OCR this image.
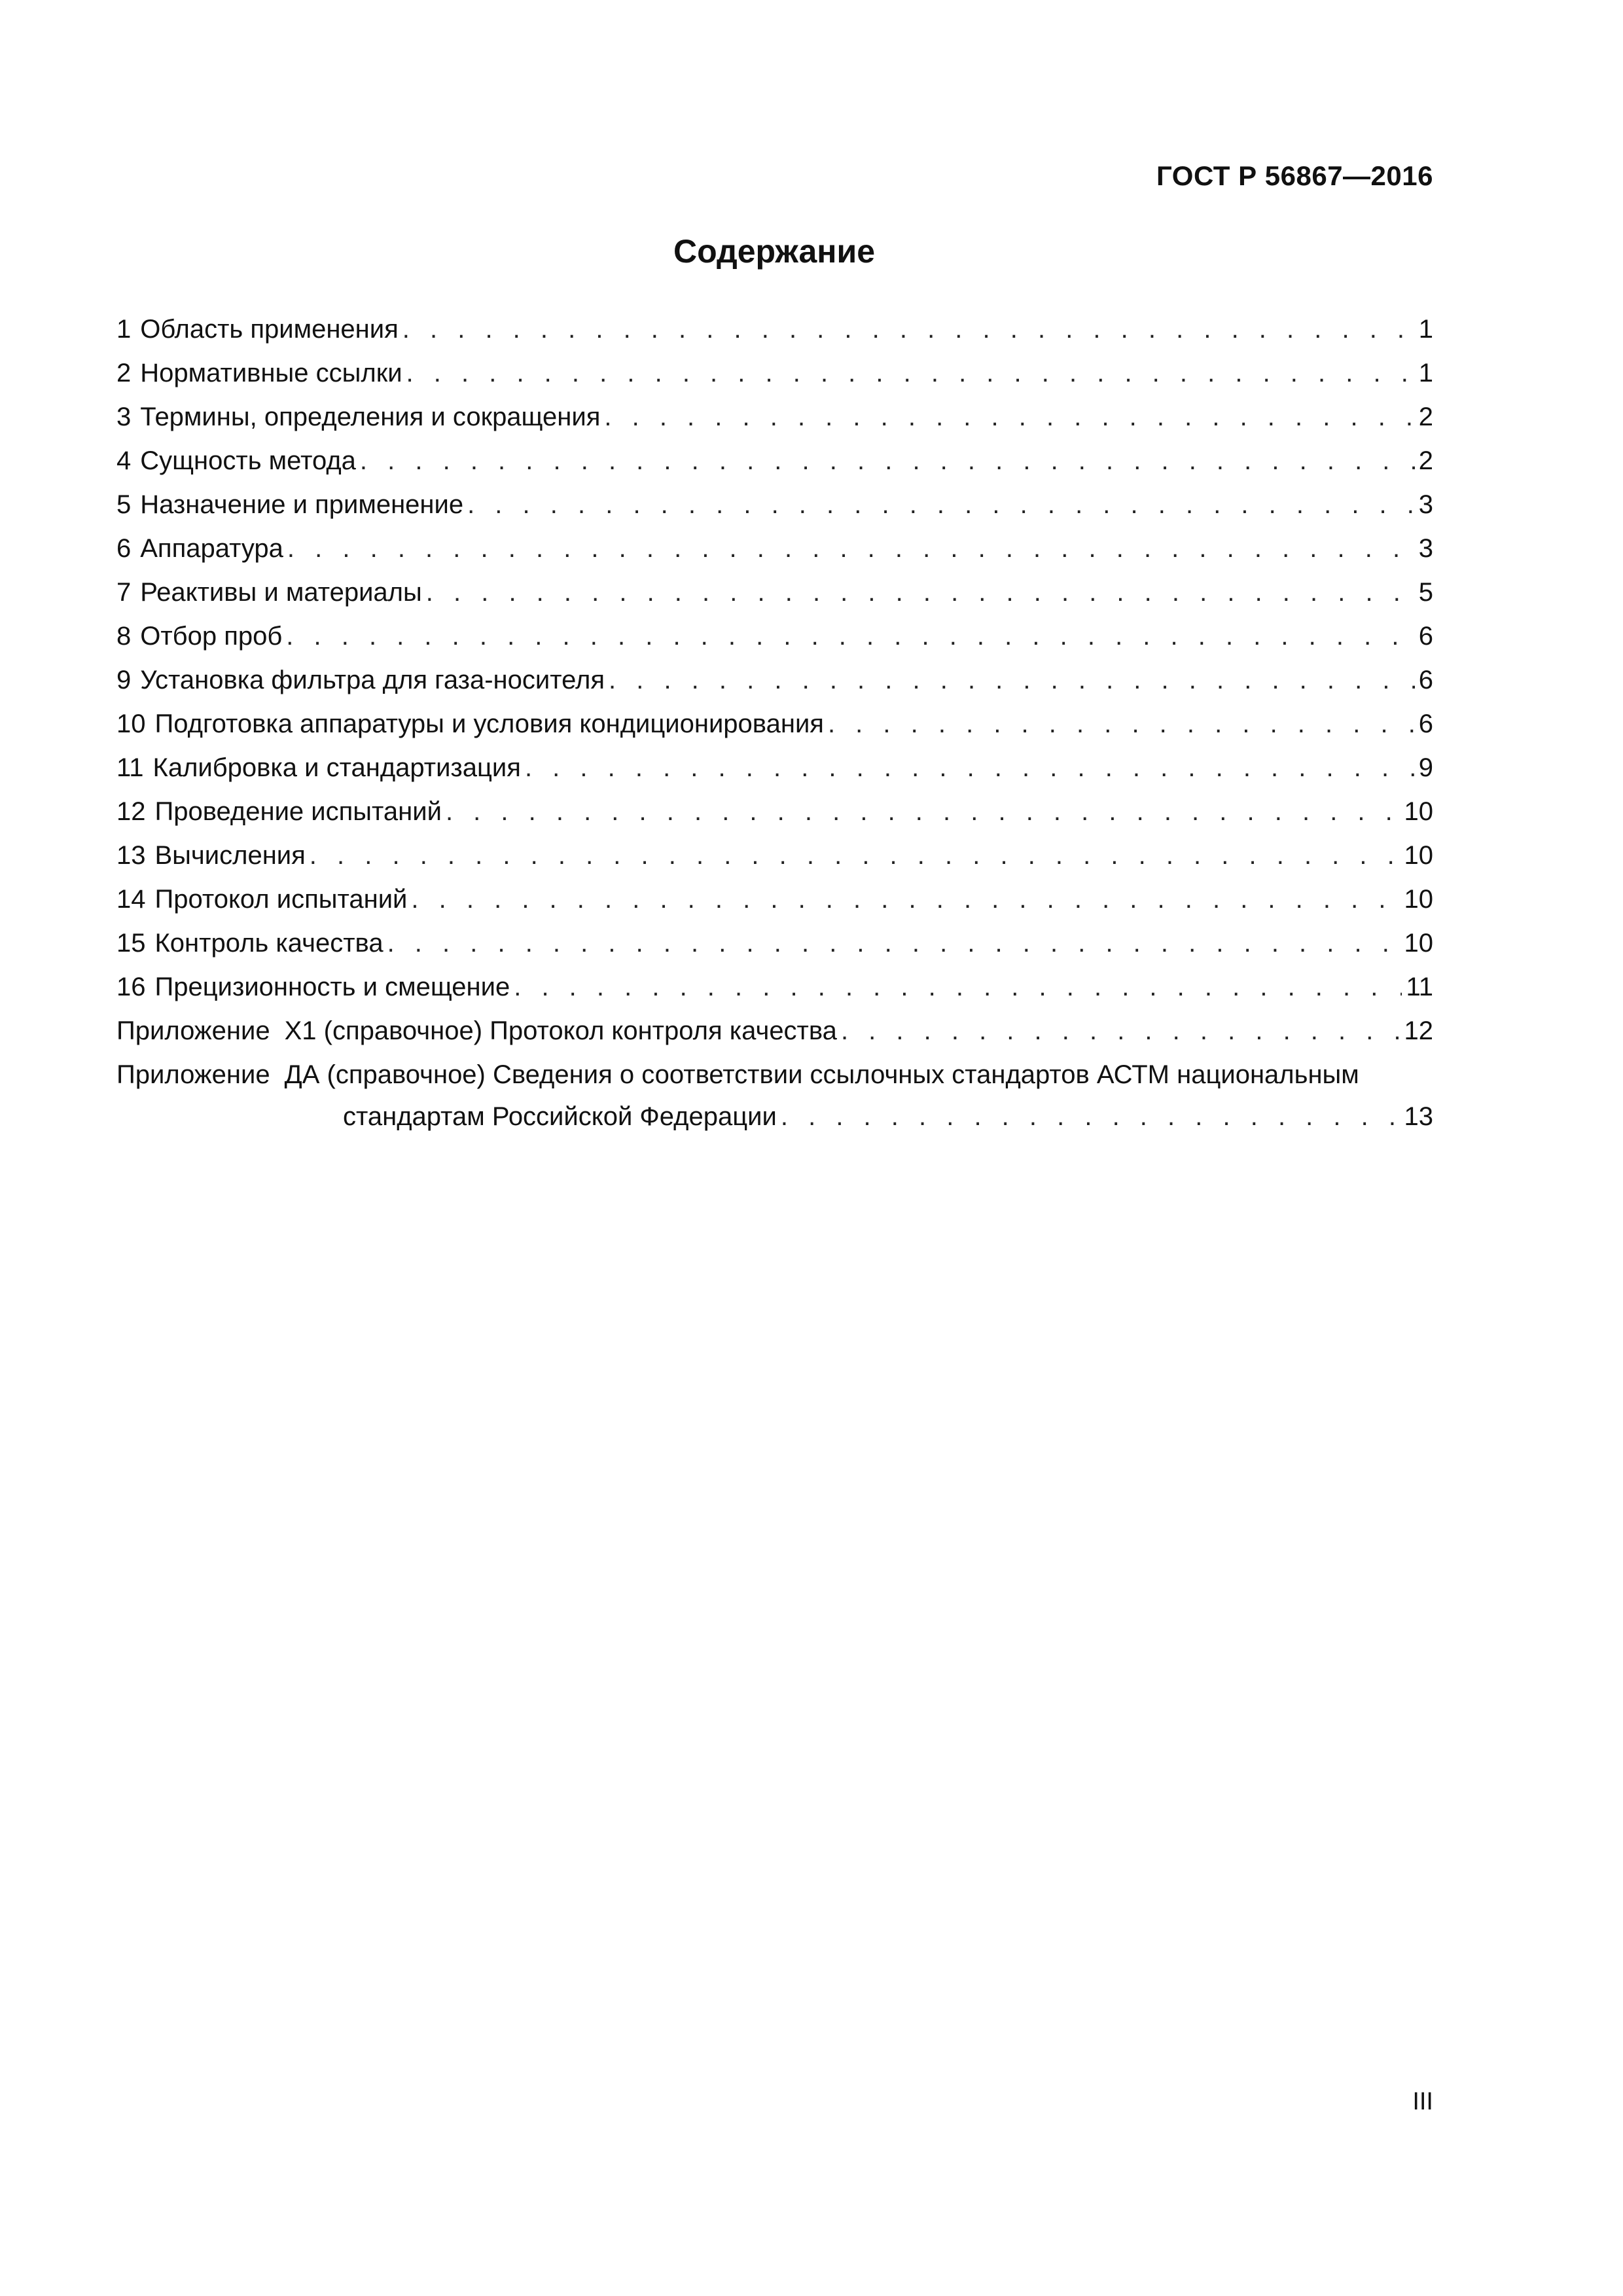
ГОСТ Р 56867—2016
Содержание
1 Область применения . . .	1
2 Нормативные ссылки . . .	1
3 Термины, определения и сокращения . . .	2
4 Сущность метода . . .	2
5 Назначение и применение . . .	3
6 Аппаратура . . .	3
7 Реактивы и материалы . . .	5
8 Отбор проб . . .	6
9 Установка фильтра для газа-носителя . . .	6
10 Подготовка аппаратуры и условия кондиционирования . . .	6
11 Калибровка и стандартизация . . .	9
12 Проведение испытаний . . .	10
13 Вычисления . . .	10
14 Протокол испытаний . . .	10
15 Контроль качества . . .	10
16 Прецизионность и смещение . . .	11
Приложение Х1 (справочное) Протокол контроля качества . . .	12
Приложение ДА (справочное) Сведения о соответствии ссылочных стандартов АСТМ национальным
стандартам Российской Федерации . . .	13
III
